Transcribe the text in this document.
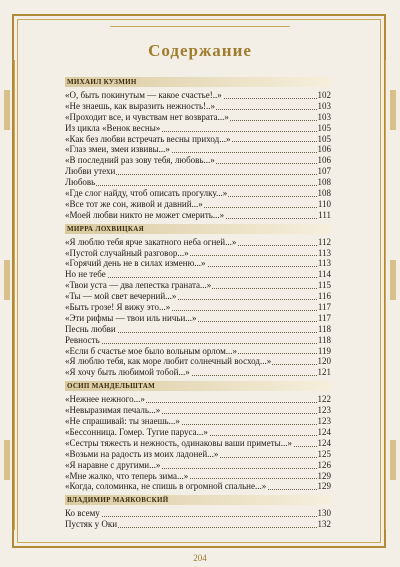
Содержание
МИХАИЛ КУЗМИН
«О, быть покинутым — какое счастье!..»	102
«Не знаешь, как выразить нежность!..»	103
«Проходит все, и чувствам нет возврата...»	103
Из цикла «Венок весны»	105
«Как без любви встречать весны приход...»	105
«Глаз змеи, змеи извивы...»	106
«В последний раз зову тебя, любовь...»	106
Любви утехи	107
Любовь	108
«Где слог найду, чтоб описать прогулку...»	108
«Все тот же сон, живой и давний...»	110
«Моей любви никто не может смерить...»	111
МИРРА ЛОХВИЦКАЯ
«Я люблю тебя ярче закатного неба огней...»	112
«Пустой случайный разговор...»	113
«Горячий день не в силах изменю...»	113
Но не тебе	114
«Твои уста — два лепестка граната...»	115
«Ты — мой свет вечерний...»	116
«Быть грозе! Я вижу это...»	117
«Эти рифмы — твои иль ничьи...»	117
Песнь любви	118
Ревность	118
«Если б счастье мое было вольным орлом...»	119
«Я люблю тебя, как море любит солнечный восход...»	120
«Я хочу быть любимой тобой...»	121
ОСИП МАНДЕЛЬШТАМ
«Нежнее нежного...»	122
«Невыразимая печаль...»	123
«Не спрашивай: ты знаешь...»	123
«Бессонница. Гомер. Тугие паруса...»	124
«Сестры тяжесть и нежность, одинаковы ваши приметы...»	124
«Возьми на радость из моих ладоней...»	125
«Я наравне с другими...»	126
«Мне жалко, что теперь зима...»	129
«Когда, соломинка, не спишь в огромной спальне...»	129
ВЛАДИМИР МАЯКОВСКИЙ
Ко всему	130
Пустяк у Оки	132
204
